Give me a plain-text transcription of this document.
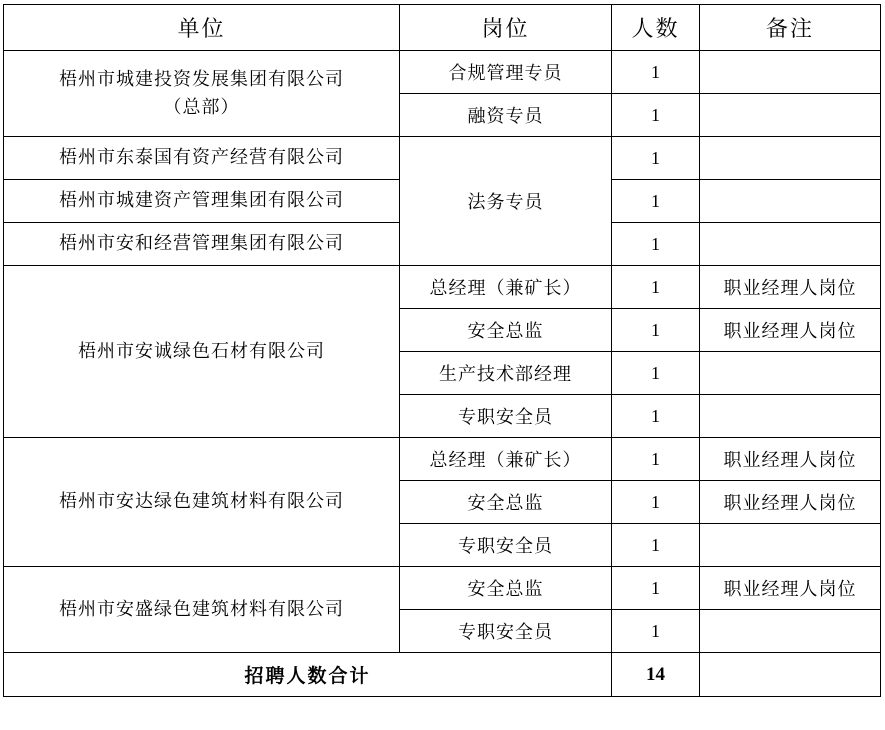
单位	岗位	人数	备注
梧州市城建投资发展集团有限公司
（总部）	合规管理专员	1	
	融资专员	1	
梧州市东泰国有资产经营有限公司	法务专员	1	
梧州市城建资产管理集团有限公司		1	
梧州市安和经营管理集团有限公司		1	
梧州市安诚绿色石材有限公司	总经理（兼矿长）	1	职业经理人岗位
	安全总监	1	职业经理人岗位
	生产技术部经理	1	
	专职安全员	1	
梧州市安达绿色建筑材料有限公司	总经理（兼矿长）	1	职业经理人岗位
	安全总监	1	职业经理人岗位
	专职安全员	1	
梧州市安盛绿色建筑材料有限公司	安全总监	1	职业经理人岗位
	专职安全员	1	
招聘人数合计		14	
